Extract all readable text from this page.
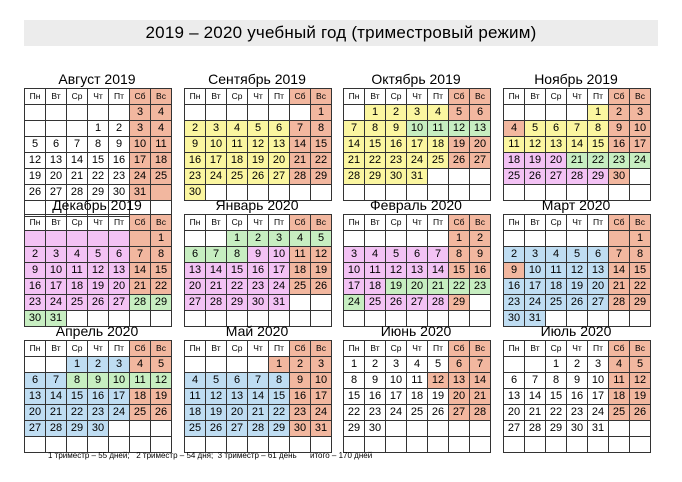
2019 – 2020 учебный год (триместровый режим)
Август 2019
Пн	Вт	Ср	Чт	Пт	Сб	Вс
					3	4
			1	2	3	4
5	6	7	8	9	10	11
12	13	14	15	16	17	18
19	20	21	22	23	24	25
26	27	28	29	30	31	

Сентябрь 2019
Пн	Вт	Ср	Чт	Пт	Сб	Вс
						1
2	3	4	5	6	7	8
9	10	11	12	13	14	15
16	17	18	19	20	21	22
23	24	25	26	27	28	29
30						
Октябрь 2019
Пн	Вт	Ср	Чт	Пт	Сб	Вс
	1	2	3	4	5	6
7	8	9	10	11	12	13
14	15	16	17	18	19	20
21	22	23	24	25	26	27
28	29	30	31			

Ноябрь 2019
Пн	Вт	Ср	Чт	Пт	Сб	Вс
				1	2	3
4	5	6	7	8	9	10
11	12	13	14	15	16	17
18	19	20	21	22	23	24
25	26	27	28	29	30	

Декабрь 2019
Пн	Вт	Ср	Чт	Пт	Сб	Вс
						1
2	3	4	5	6	7	8
9	10	11	12	13	14	15
16	17	18	19	20	21	22
23	24	25	26	27	28	29
30	31					
Январь 2020
Пн	Вт	Ср	Чт	Пт	Сб	Вс
		1	2	3	4	5
6	7	8	9	10	11	12
13	14	15	16	17	18	19
20	21	22	23	24	25	26
27	28	29	30	31		

Февраль 2020
Пн	Вт	Ср	Чт	Пт	Сб	Вс
					1	2
3	4	5	6	7	8	9
10	11	12	13	14	15	16
17	18	19	20	21	22	23
24	25	26	27	28	29	

Март 2020
Пн	Вт	Ср	Чт	Пт	Сб	Вс
						1
2	3	4	5	6	7	8
9	10	11	12	13	14	15
16	17	18	19	20	21	22
23	24	25	26	27	28	29
30	31					
Апрель 2020
Пн	Вт	Ср	Чт	Пт	Сб	Вс
		1	2	3	4	5
6	7	8	9	10	11	12
13	14	15	16	17	18	19
20	21	22	23	24	25	26
27	28	29	30			

Май 2020
Пн	Вт	Ср	Чт	Пт	Сб	Вс
				1	2	3
4	5	6	7	8	9	10
11	12	13	14	15	16	17
18	19	20	21	22	23	24
25	26	27	28	29	30	31

Июнь 2020
Пн	Вт	Ср	Чт	Пт	Сб	Вс
1	2	3	4	5	6	7
8	9	10	11	12	13	14
15	16	17	18	19	20	21
22	23	24	25	26	27	28
29	30					

Июль 2020
Пн	Вт	Ср	Чт	Пт	Сб	Вс
		1	2	3	4	5
6	7	8	9	10	11	12
13	14	15	16	17	18	19
20	21	22	23	24	25	26
27	28	29	30	31		

1 триместр – 55 дней;   2 триместр – 54 дня;  3 триместр – 61 день      итого – 170 дней
